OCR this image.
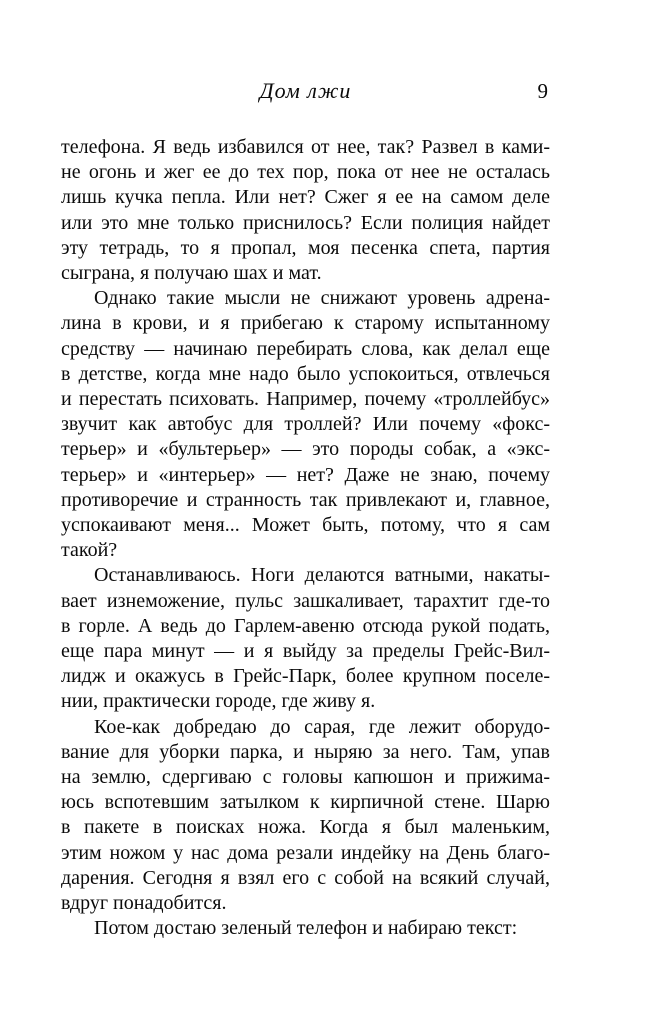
Дом лжи	9
телефона. Я ведь избавился от нее, так? Развел в ками-
не огонь и жег ее до тех пор, пока от нее не осталась
лишь кучка пепла. Или нет? Сжег я ее на самом деле
или это мне только приснилось? Если полиция найдет
эту тетрадь, то я пропал, моя песенка спета, партия
сыграна, я получаю шах и мат.
Однако такие мысли не снижают уровень адрена-
лина в крови, и я прибегаю к старому испытанному
средству — начинаю перебирать слова, как делал еще
в детстве, когда мне надо было успокоиться, отвлечься
и перестать психовать. Например, почему «троллейбус»
звучит как автобус для троллей? Или почему «фокс-
терьер» и «бультерьер» — это породы собак, а «экс-
терьер» и «интерьер» — нет? Даже не знаю, почему
противоречие и странность так привлекают и, главное,
успокаивают меня... Может быть, потому, что я сам
такой?
Останавливаюсь. Ноги делаются ватными, накаты-
вает изнеможение, пульс зашкаливает, тарахтит где-то
в горле. А ведь до Гарлем-авеню отсюда рукой подать,
еще пара минут — и я выйду за пределы Грейс-Вил-
лидж и окажусь в Грейс-Парк, более крупном поселе-
нии, практически городе, где живу я.
Кое-как добредаю до сарая, где лежит оборудо-
вание для уборки парка, и ныряю за него. Там, упав
на землю, сдергиваю с головы капюшон и прижима-
юсь вспотевшим затылком к кирпичной стене. Шарю
в пакете в поисках ножа. Когда я был маленьким,
этим ножом у нас дома резали индейку на День благо-
дарения. Сегодня я взял его с собой на всякий случай,
вдруг понадобится.
Потом достаю зеленый телефон и набираю текст:
